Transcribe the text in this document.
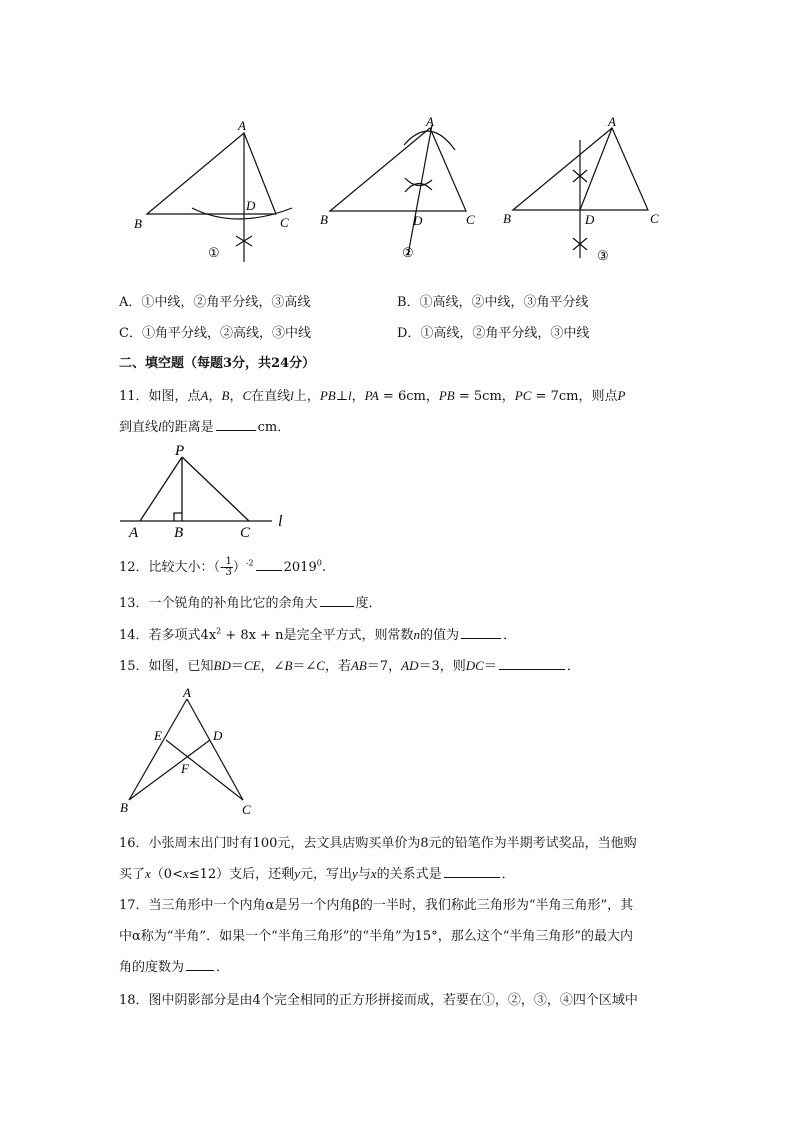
A
B	C
D
①
A
B	C
D
②
A
B	C
D
③
A．①中线，②角平分线，③高线	B．①高线，②中线，③角平分线
C．①角平分线，②高线，③中线	D．①高线，②角平分线，③中线
二、填空题（每题3分，共24分）
11．如图，点A，B，C在直线l上，PB⊥l，PA = 6cm，PB = 5cm，PC = 7cm，则点P
到直线l的距离是	cm．
P
A B	C
l
12．比较大小：（- $\frac{1}{3} )^{-2}$ 2019$^0$.
13．一个锐角的补角比它的余角大	度．
14．若多项式$4x^2 + 8x + n$是完全平方式，则常数n的值为	．
15．如图，已知BD＝CE，∠B＝∠C，若AB＝7，AD＝3，则DC＝	．
A
E	D
F
B	C
16．小张周末出门时有100元，去文具店购买单价为8元的铅笔作为半期考试奖品，当他购
买了x（0<x≤12）支后，还剩y元，写出y与x的关系式是	．
17．当三角形中一个内角α是另一个内角β的一半时，我们称此三角形为“半角三角形”，其
中α称为“半角”．如果一个“半角三角形”的“半角”为15°，那么这个“半角三角形”的最大内
角的度数为 ．
18．图中阴影部分是由4个完全相同的正方形拼接而成，若要在①，②，③，④四个区域中
